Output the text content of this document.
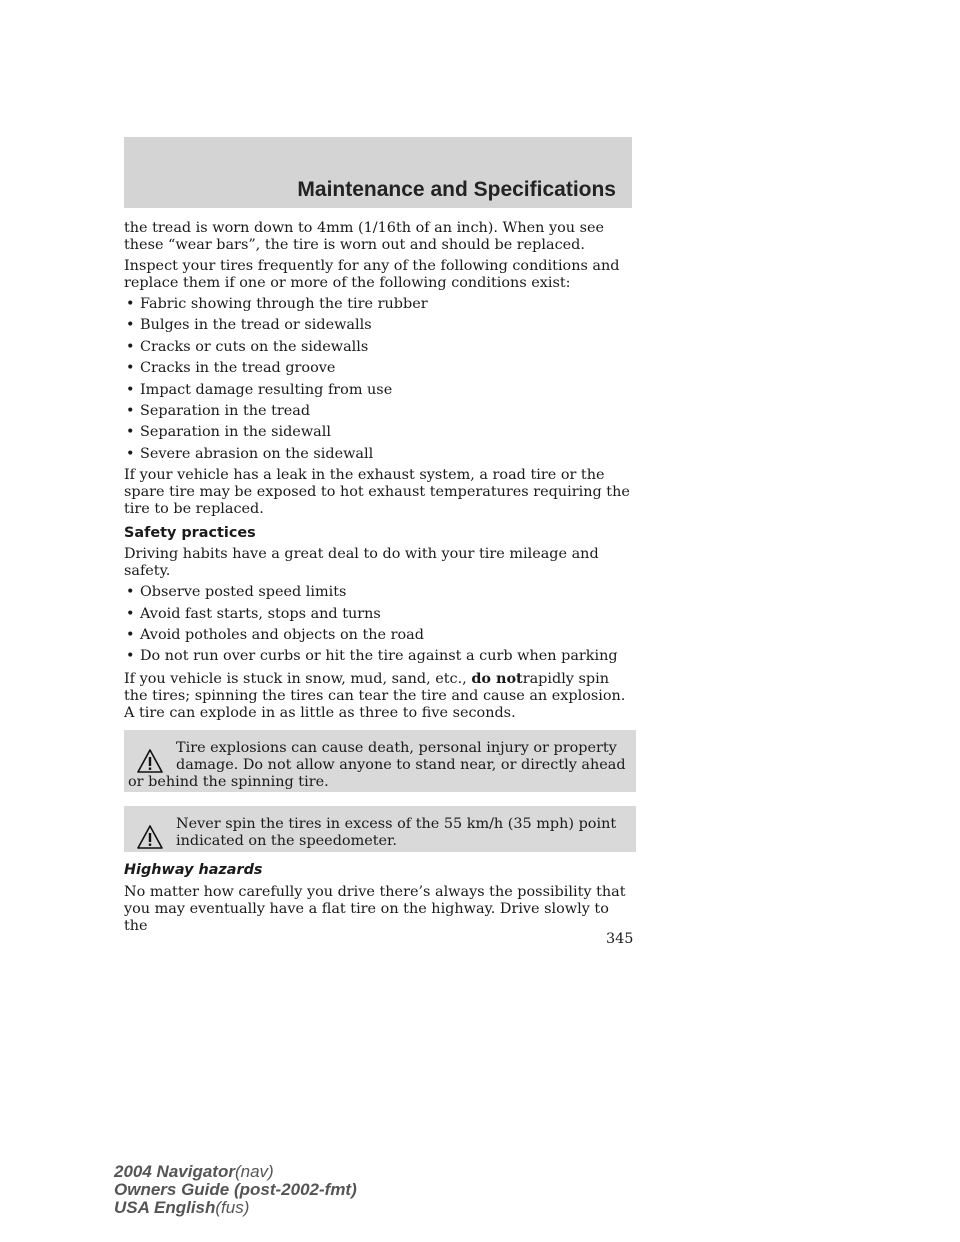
Maintenance and Specifications

the tread is worn down to 4mm (1/16th of an inch). When you see these “wear bars”, the tire is worn out and should be replaced.

Inspect your tires frequently for any of the following conditions and replace them if one or more of the following conditions exist:

• Fabric showing through the tire rubber
• Bulges in the tread or sidewalls
• Cracks or cuts on the sidewalls
• Cracks in the tread groove
• Impact damage resulting from use
• Separation in the tread
• Separation in the sidewall
• Severe abrasion on the sidewall

If your vehicle has a leak in the exhaust system, a road tire or the spare tire may be exposed to hot exhaust temperatures requiring the tire to be replaced.

Safety practices

Driving habits have a great deal to do with your tire mileage and safety.

• Observe posted speed limits
• Avoid fast starts, stops and turns
• Avoid potholes and objects on the road
• Do not run over curbs or hit the tire against a curb when parking

If you vehicle is stuck in snow, mud, sand, etc., do notrapidly spin the tires; spinning the tires can tear the tire and cause an explosion. A tire can explode in as little as three to five seconds.

Tire explosions can cause death, personal injury or property damage. Do not allow anyone to stand near, or directly ahead or behind the spinning tire.
Never spin the tires in excess of the 55 km/h (35 mph) point indicated on the speedometer.
Highway hazards

No matter how carefully you drive there’s always the possibility that you may eventually have a flat tire on the highway. Drive slowly to the

345
2004 Navigator(nav)
Owners Guide (post-2002-fmt)
USA English(fus)
